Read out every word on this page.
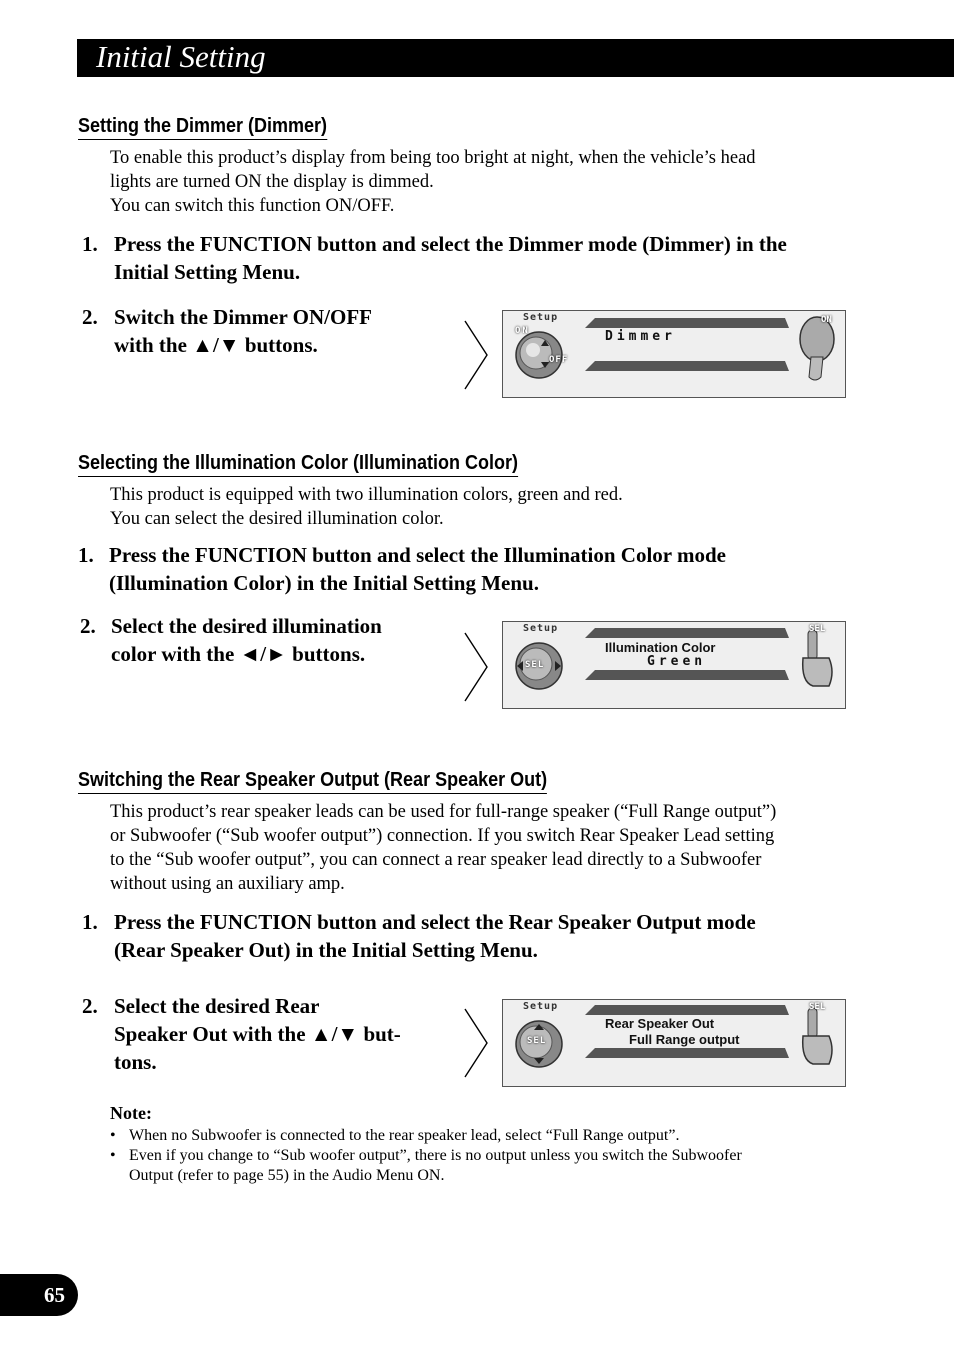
Initial Setting
Setting the Dimmer (Dimmer)
To enable this product’s display from being too bright at night, when the vehicle’s head
lights are turned ON the display is dimmed.
You can switch this function ON/OFF.
1. Press the FUNCTION button and select the Dimmer mode (Dimmer) in the
Initial Setting Menu.
2. Switch the Dimmer ON/OFF
with the ▲/▼ buttons.
Setup
ON
OFF
Dimmer
ON
Selecting the Illumination Color (Illumination Color)
This product is equipped with two illumination colors, green and red.
You can select the desired illumination color.
1. Press the FUNCTION button and select the Illumination Color mode
(Illumination Color) in the Initial Setting Menu.
2. Select the desired illumination
color with the ◄/► buttons.
Setup
SEL
Illumination Color
Green
SEL
Switching the Rear Speaker Output (Rear Speaker Out)
This product’s rear speaker leads can be used for full-range speaker (“Full Range output”)
or Subwoofer (“Sub woofer output”) connection. If you switch Rear Speaker Lead setting
to the “Sub woofer output”, you can connect a rear speaker lead directly to a Subwoofer
without using an auxiliary amp.
1. Press the FUNCTION button and select the Rear Speaker Output mode
(Rear Speaker Out) in the Initial Setting Menu.
2. Select the desired Rear
Speaker Out with the ▲/▼ but-
tons.
Setup
SEL
Rear Speaker Out
Full Range output
SEL
Note:
• When no Subwoofer is connected to the rear speaker lead, select “Full Range output”.
• Even if you change to “Sub woofer output”, there is no output unless you switch the Subwoofer
Output (refer to page 55) in the Audio Menu ON.
65
